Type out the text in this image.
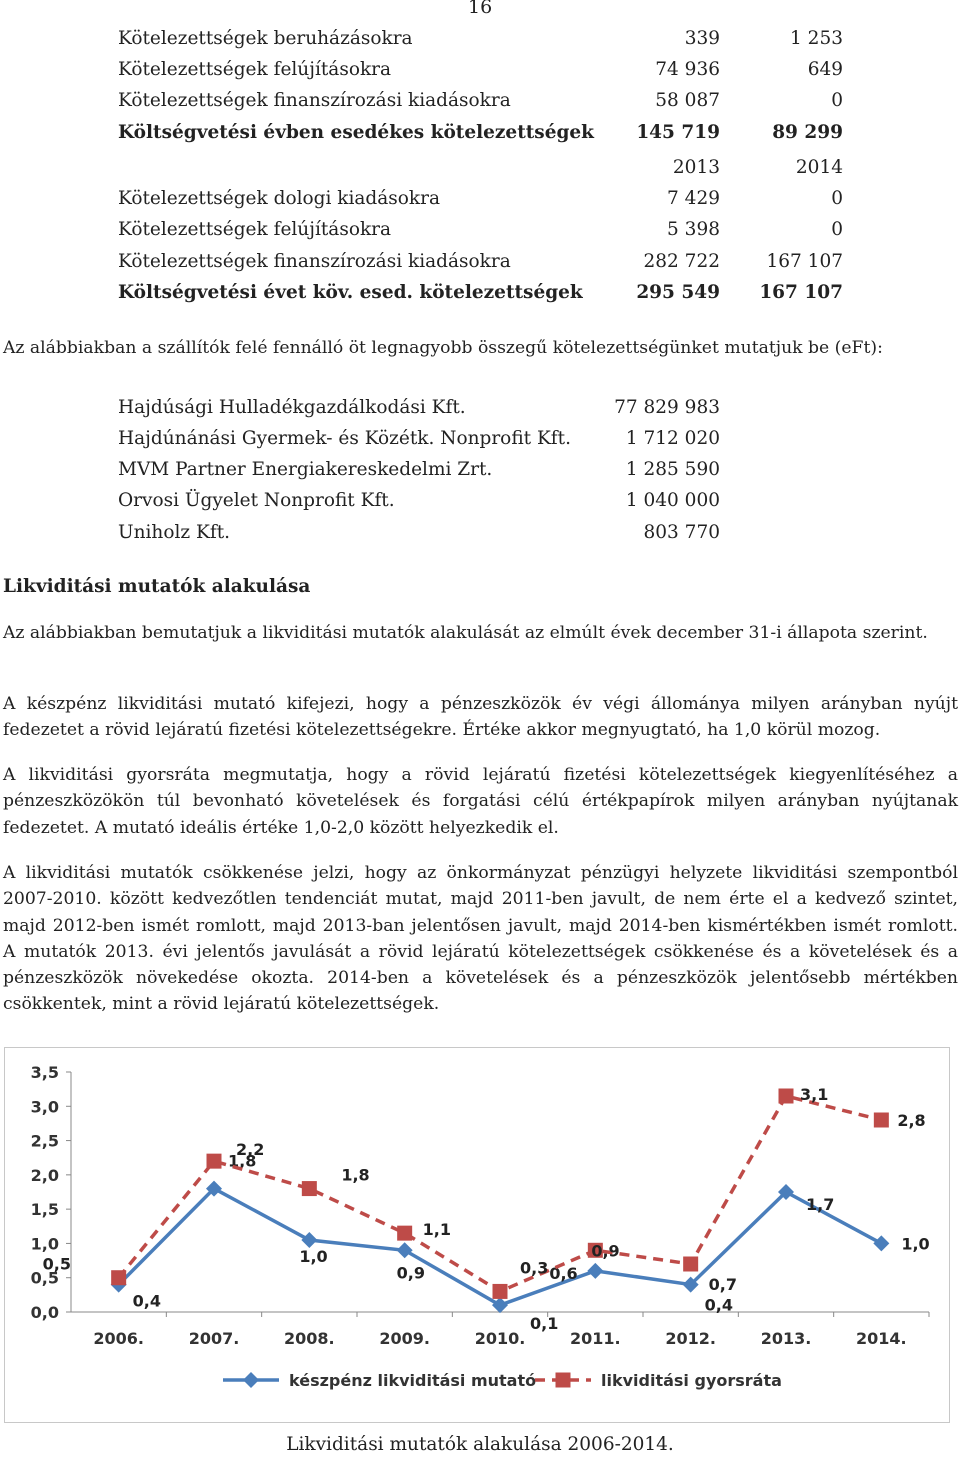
16
Kötelezettségek beruházásokra	339	1 253
Kötelezettségek felújításokra	74 936	649
Kötelezettségek finanszírozási kiadásokra	58 087	0
Költségvetési évben esedékes kötelezettségek	145 719	89 299
	2013	2014
Kötelezettségek dologi kiadásokra	7 429	0
Kötelezettségek felújításokra	5 398	0
Kötelezettségek finanszírozási kiadásokra	282 722	167 107
Költségvetési évet köv. esed. kötelezettségek	295 549	167 107
Az alábbiakban a szállítók felé fennálló öt legnagyobb összegű kötelezettségünket mutatjuk be (eFt):
Hajdúsági Hulladékgazdálkodási Kft.	77 829 983
Hajdúnánási Gyermek- és Közétk. Nonprofit Kft.	1 712 020
MVM Partner Energiakereskedelmi Zrt.	1 285 590
Orvosi Ügyelet Nonprofit Kft.	1 040 000
Uniholz Kft.	803 770
Likviditási mutatók alakulása
Az alábbiakban bemutatjuk a likviditási mutatók alakulását az elmúlt évek december 31-i állapota szerint.
A készpénz likviditási mutató kifejezi, hogy a pénzeszközök év végi állománya milyen arányban nyújt fedezetet a rövid lejáratú fizetési kötelezettségekre. Értéke akkor megnyugtató, ha 1,0 körül mozog.
A likviditási gyorsráta megmutatja, hogy a rövid lejáratú fizetési kötelezettségek kiegyenlítéséhez a pénzeszközökön túl bevonható követelések és forgatási célú értékpapírok milyen arányban nyújtanak fedezetet. A mutató ideális értéke 1,0-2,0 között helyezkedik el.
A likviditási mutatók csökkenése jelzi, hogy az önkormányzat pénzügyi helyzete likviditási szempontból 2007-2010. között kedvezőtlen tendenciát mutat, majd 2011-ben javult, de nem érte el a kedvező szintet, majd 2012-ben ismét romlott, majd 2013-ban jelentősen javult, majd 2014-ben kismértékben ismét romlott. A mutatók 2013. évi jelentős javulását a rövid lejáratú kötelezettségek csökkenése és a követelések és a pénzeszközök növekedése okozta. 2014-ben a követelések és a pénzeszközök jelentősebb mértékben csökkentek, mint a rövid lejáratú kötelezettségek.
0,0
0,5
1,0
1,5
2,0
2,5
3,0
3,5
2006.	2007.	2008.	2009.	2010.	2011.	2012.	2013.	2014.
0,4
1,8
1,0
0,9
0,1
0,6
0,4
1,7
1,0
0,5
2,2
1,8
1,1
0,3
0,9
0,7
3,1
2,8
készpénz likviditási mutató	likviditási gyorsráta
Likviditási mutatók alakulása 2006-2014.
